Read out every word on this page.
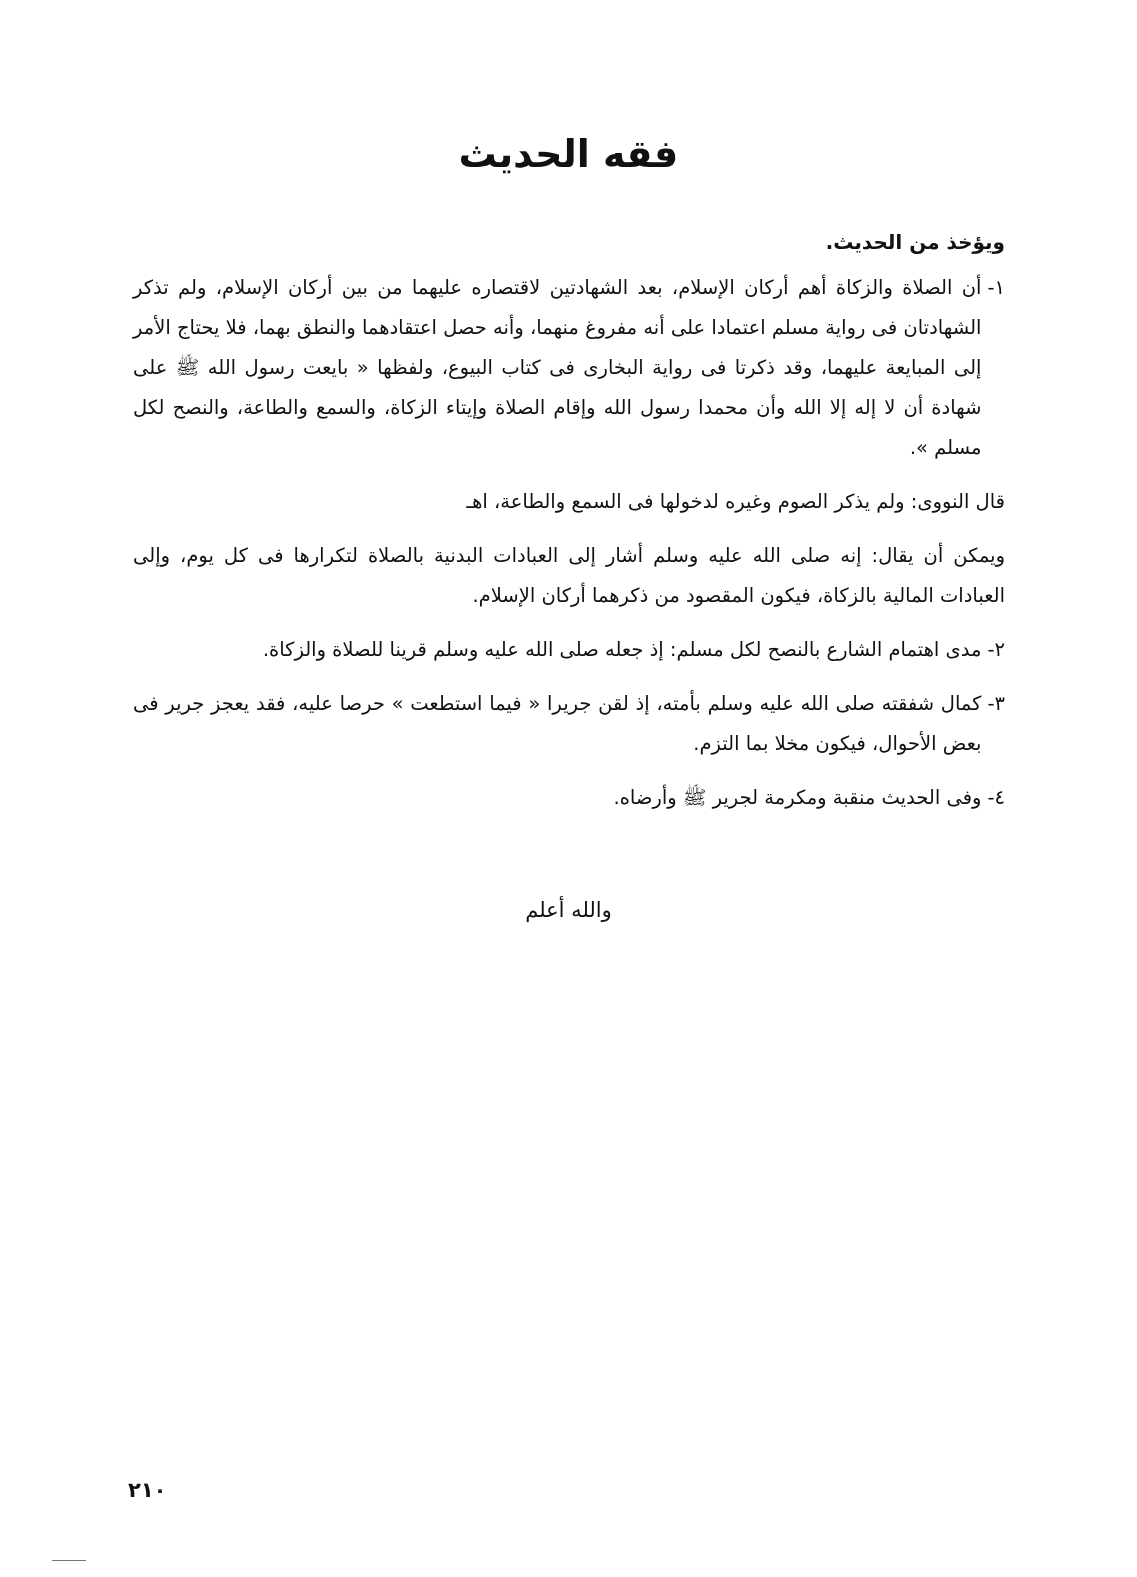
فقه الحديث

ويؤخذ من الحديث.

١-
أن الصلاة والزكاة أهم أركان الإسلام، بعد الشهادتين لاقتصاره عليهما من بين أركان الإسلام، ولم تذكر الشهادتان فى رواية مسلم اعتمادا على أنه مفروغ منهما، وأنه حصل اعتقادهما والنطق بهما، فلا يحتاج الأمر إلى المبايعة عليهما، وقد ذكرتا فى رواية البخارى فى كتاب البيوع، ولفظها « بايعت رسول الله ﷺ على شهادة أن لا إله إلا الله وأن محمدا رسول الله وإقام الصلاة وإيتاء الزكاة، والسمع والطاعة، والنصح لكل مسلم ».

قال النووى: ولم يذكر الصوم وغيره لدخولها فى السمع والطاعة، اهـ

ويمكن أن يقال: إنه صلى الله عليه وسلم أشار إلى العبادات البدنية بالصلاة لتكرارها فى كل يوم، وإلى العبادات المالية بالزكاة، فيكون المقصود من ذكرهما أركان الإسلام.

٢-
مدى اهتمام الشارع بالنصح لكل مسلم: إذ جعله صلى الله عليه وسلم قرينا للصلاة والزكاة.
٣-
كمال شفقته صلى الله عليه وسلم بأمته، إذ لقن جريرا « فيما استطعت » حرصا عليه، فقد يعجز جرير فى بعض الأحوال، فيكون مخلا بما التزم.
٤-
وفى الحديث منقبة ومكرمة لجرير ﷺ وأرضاه.

والله أعلم

٢١٠
